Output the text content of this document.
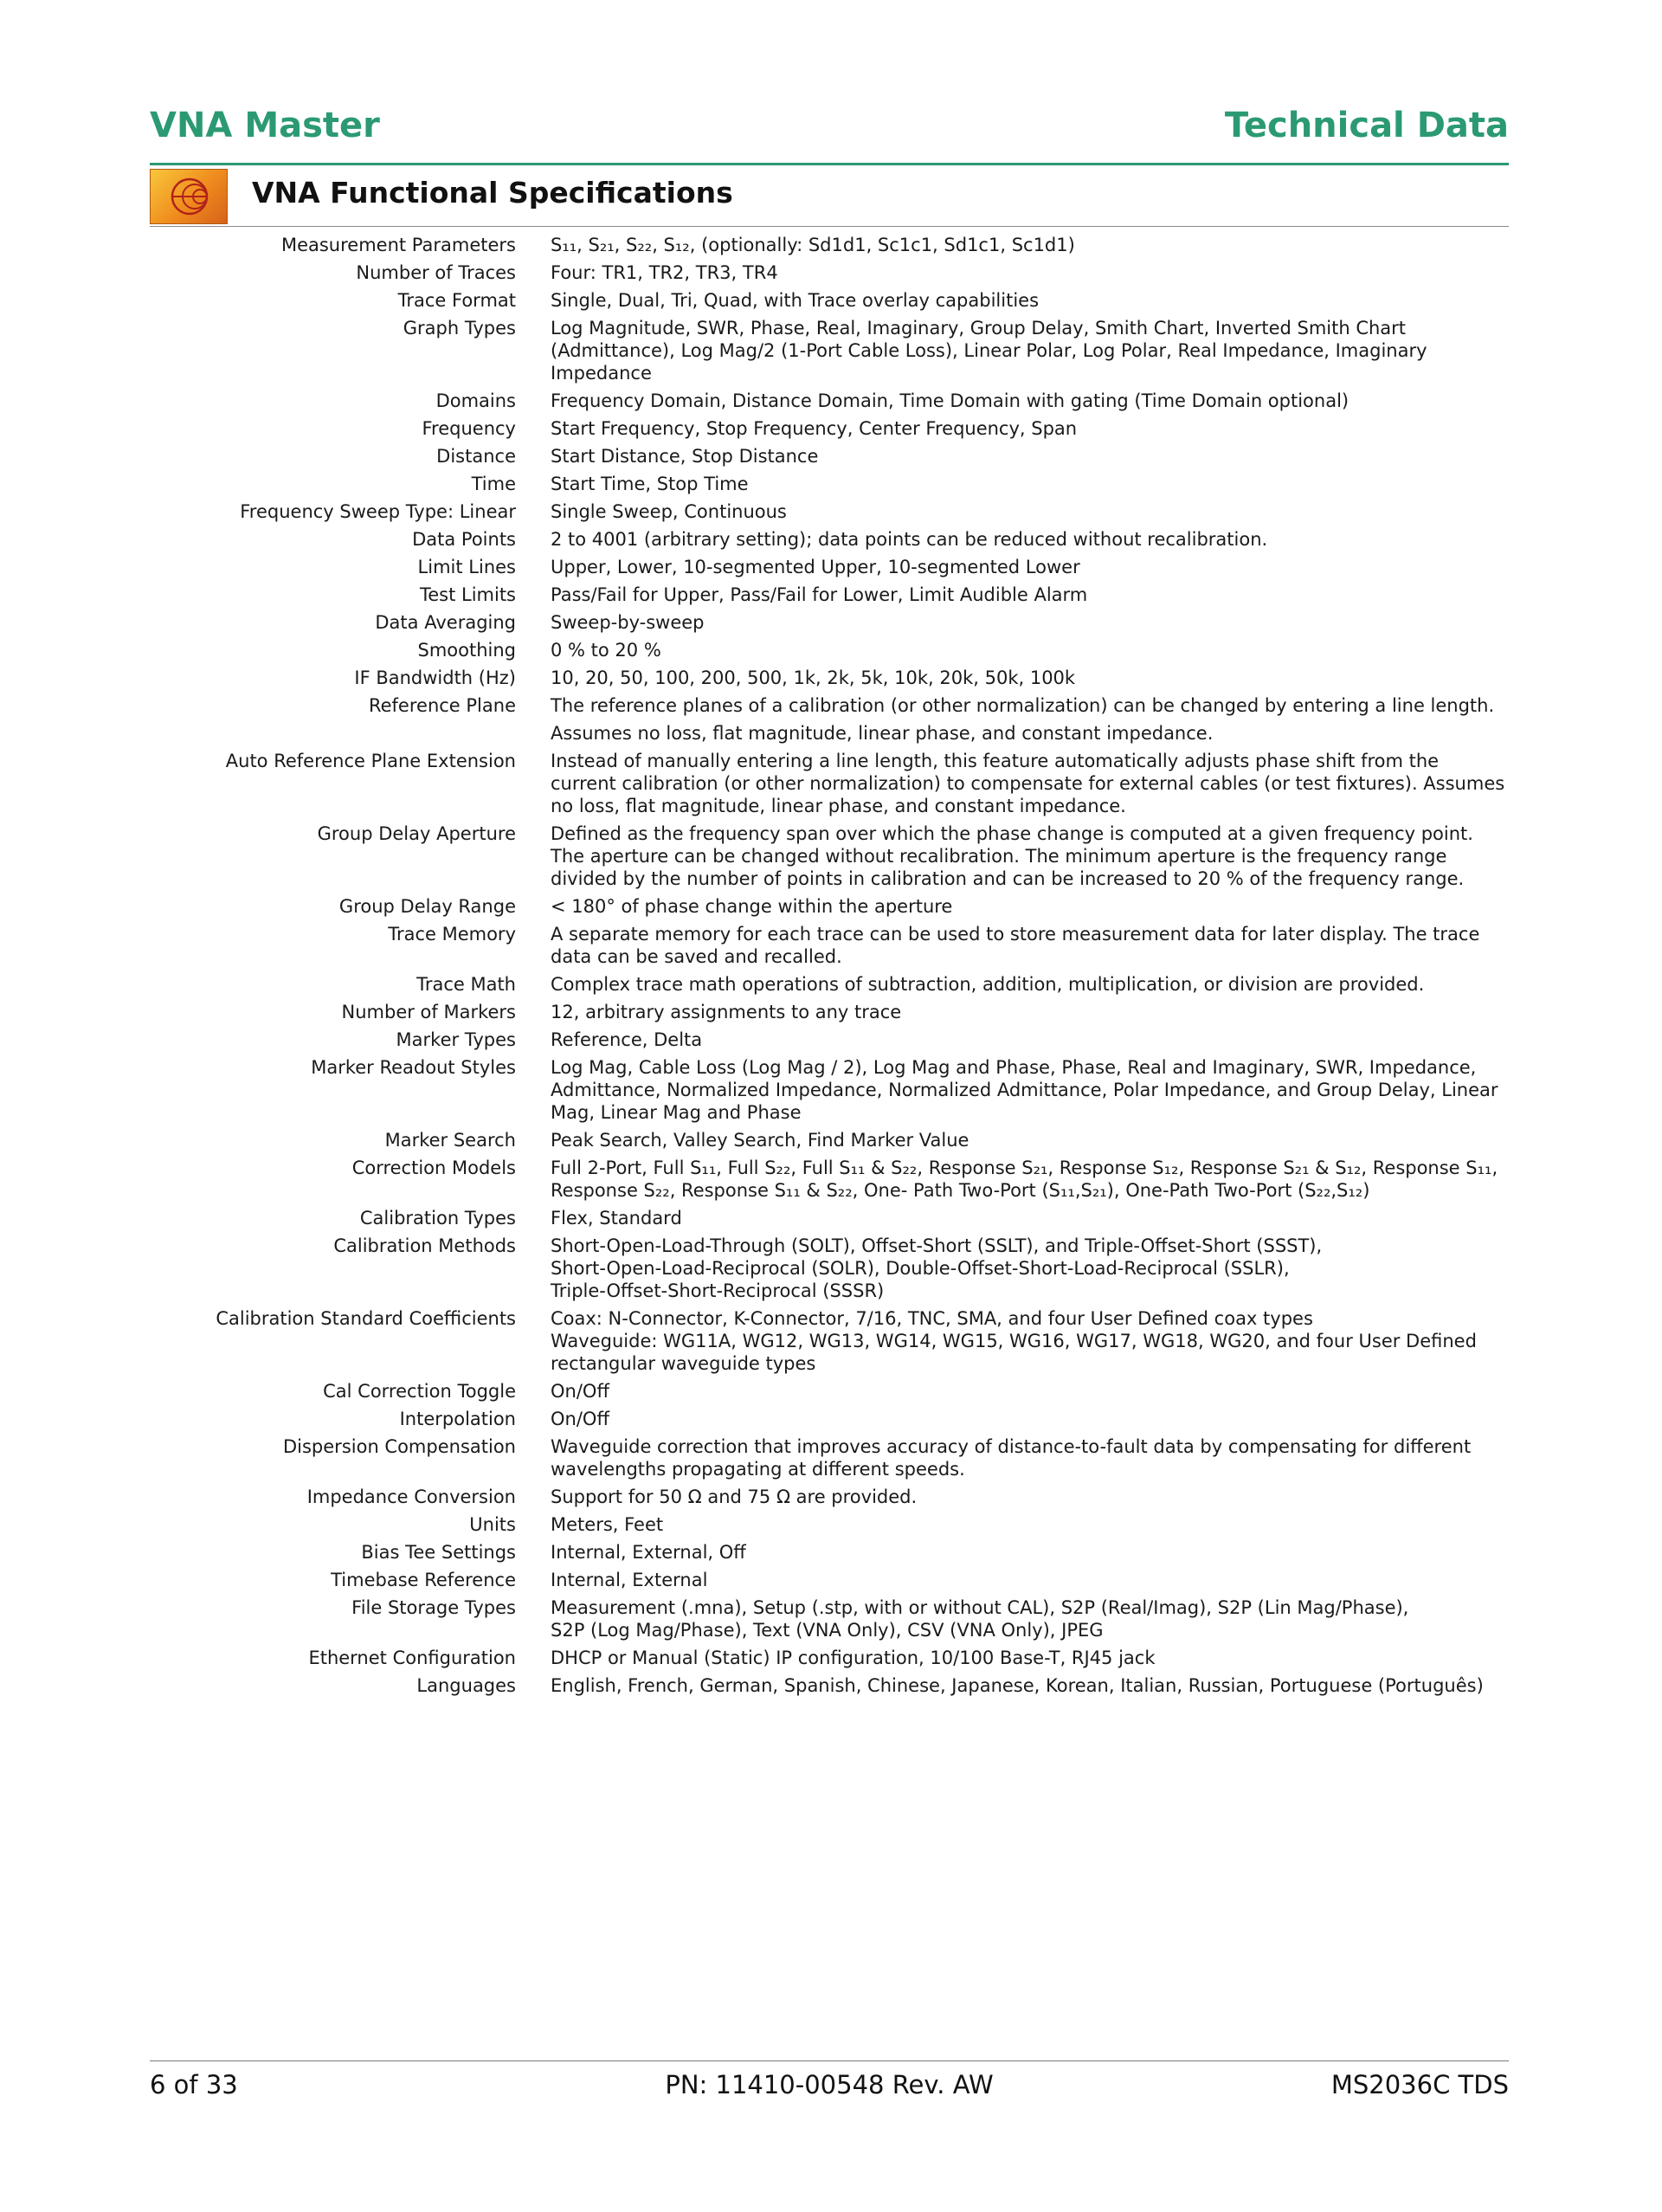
VNA Master	Technical Data
VNA Functional Specifications
Measurement Parameters	S₁₁, S₂₁, S₂₂, S₁₂, (optionally: Sd1d1, Sc1c1, Sd1c1, Sc1d1)

Number of Traces	Four: TR1, TR2, TR3, TR4

Trace Format	Single, Dual, Tri, Quad, with Trace overlay capabilities

Graph Types	Log Magnitude, SWR, Phase, Real, Imaginary, Group Delay, Smith Chart, Inverted Smith Chart (Admittance), Log Mag/2 (1-Port Cable Loss), Linear Polar, Log Polar, Real Impedance, Imaginary Impedance

Domains	Frequency Domain, Distance Domain, Time Domain with gating (Time Domain optional)

Frequency	Start Frequency, Stop Frequency, Center Frequency, Span

Distance	Start Distance, Stop Distance

Time	Start Time, Stop Time

Frequency Sweep Type: Linear	Single Sweep, Continuous

Data Points	2 to 4001 (arbitrary setting); data points can be reduced without recalibration.

Limit Lines	Upper, Lower, 10-segmented Upper, 10-segmented Lower

Test Limits	Pass/Fail for Upper, Pass/Fail for Lower, Limit Audible Alarm

Data Averaging	Sweep-by-sweep

Smoothing	0 % to 20 %

IF Bandwidth (Hz)	10, 20, 50, 100, 200, 500, 1k, 2k, 5k, 10k, 20k, 50k, 100k

Reference Plane	The reference planes of a calibration (or other normalization) can be changed by entering a line length.
Assumes no loss, flat magnitude, linear phase, and constant impedance.

Auto Reference Plane Extension	Instead of manually entering a line length, this feature automatically adjusts phase shift from the current calibration (or other normalization) to compensate for external cables (or test fixtures). Assumes no loss, flat magnitude, linear phase, and constant impedance.

Group Delay Aperture	Defined as the frequency span over which the phase change is computed at a given frequency point. The aperture can be changed without recalibration. The minimum aperture is the frequency range divided by the number of points in calibration and can be increased to 20 % of the frequency range.

Group Delay Range	< 180° of phase change within the aperture

Trace Memory	A separate memory for each trace can be used to store measurement data for later display. The trace data can be saved and recalled.

Trace Math	Complex trace math operations of subtraction, addition, multiplication, or division are provided.

Number of Markers	12, arbitrary assignments to any trace

Marker Types	Reference, Delta

Marker Readout Styles	Log Mag, Cable Loss (Log Mag / 2), Log Mag and Phase, Phase, Real and Imaginary, SWR, Impedance, Admittance, Normalized Impedance, Normalized Admittance, Polar Impedance, and Group Delay, Linear Mag, Linear Mag and Phase

Marker Search	Peak Search, Valley Search, Find Marker Value

Correction Models	Full 2-Port, Full S₁₁, Full S₂₂, Full S₁₁ & S₂₂, Response S₂₁, Response S₁₂, Response S₂₁ & S₁₂, Response S₁₁, Response S₂₂, Response S₁₁ & S₂₂, One- Path Two-Port (S₁₁,S₂₁), One-Path Two-Port (S₂₂,S₁₂)

Calibration Types	Flex, Standard

Calibration Methods	Short-Open-Load-Through (SOLT), Offset-Short (SSLT), and Triple-Offset-Short (SSST),
Short-Open-Load-Reciprocal (SOLR), Double-Offset-Short-Load-Reciprocal (SSLR),
Triple-Offset-Short-Reciprocal (SSSR)

Calibration Standard Coefficients	Coax: N-Connector, K-Connector, 7/16, TNC, SMA, and four User Defined coax types
Waveguide: WG11A, WG12, WG13, WG14, WG15, WG16, WG17, WG18, WG20, and four User Defined rectangular waveguide types

Cal Correction Toggle	On/Off

Interpolation	On/Off

Dispersion Compensation	Waveguide correction that improves accuracy of distance-to-fault data by compensating for different wavelengths propagating at different speeds.

Impedance Conversion	Support for 50 Ω and 75 Ω are provided.

Units	Meters, Feet

Bias Tee Settings	Internal, External, Off

Timebase Reference	Internal, External

File Storage Types	Measurement (.mna), Setup (.stp, with or without CAL), S2P (Real/Imag), S2P (Lin Mag/Phase),
S2P (Log Mag/Phase), Text (VNA Only), CSV (VNA Only), JPEG

Ethernet Configuration	DHCP or Manual (Static) IP configuration, 10/100 Base-T, RJ45 jack

Languages	English, French, German, Spanish, Chinese, Japanese, Korean, Italian, Russian, Portuguese (Português)
6 of 33	PN: 11410-00548 Rev. AW	MS2036C TDS
